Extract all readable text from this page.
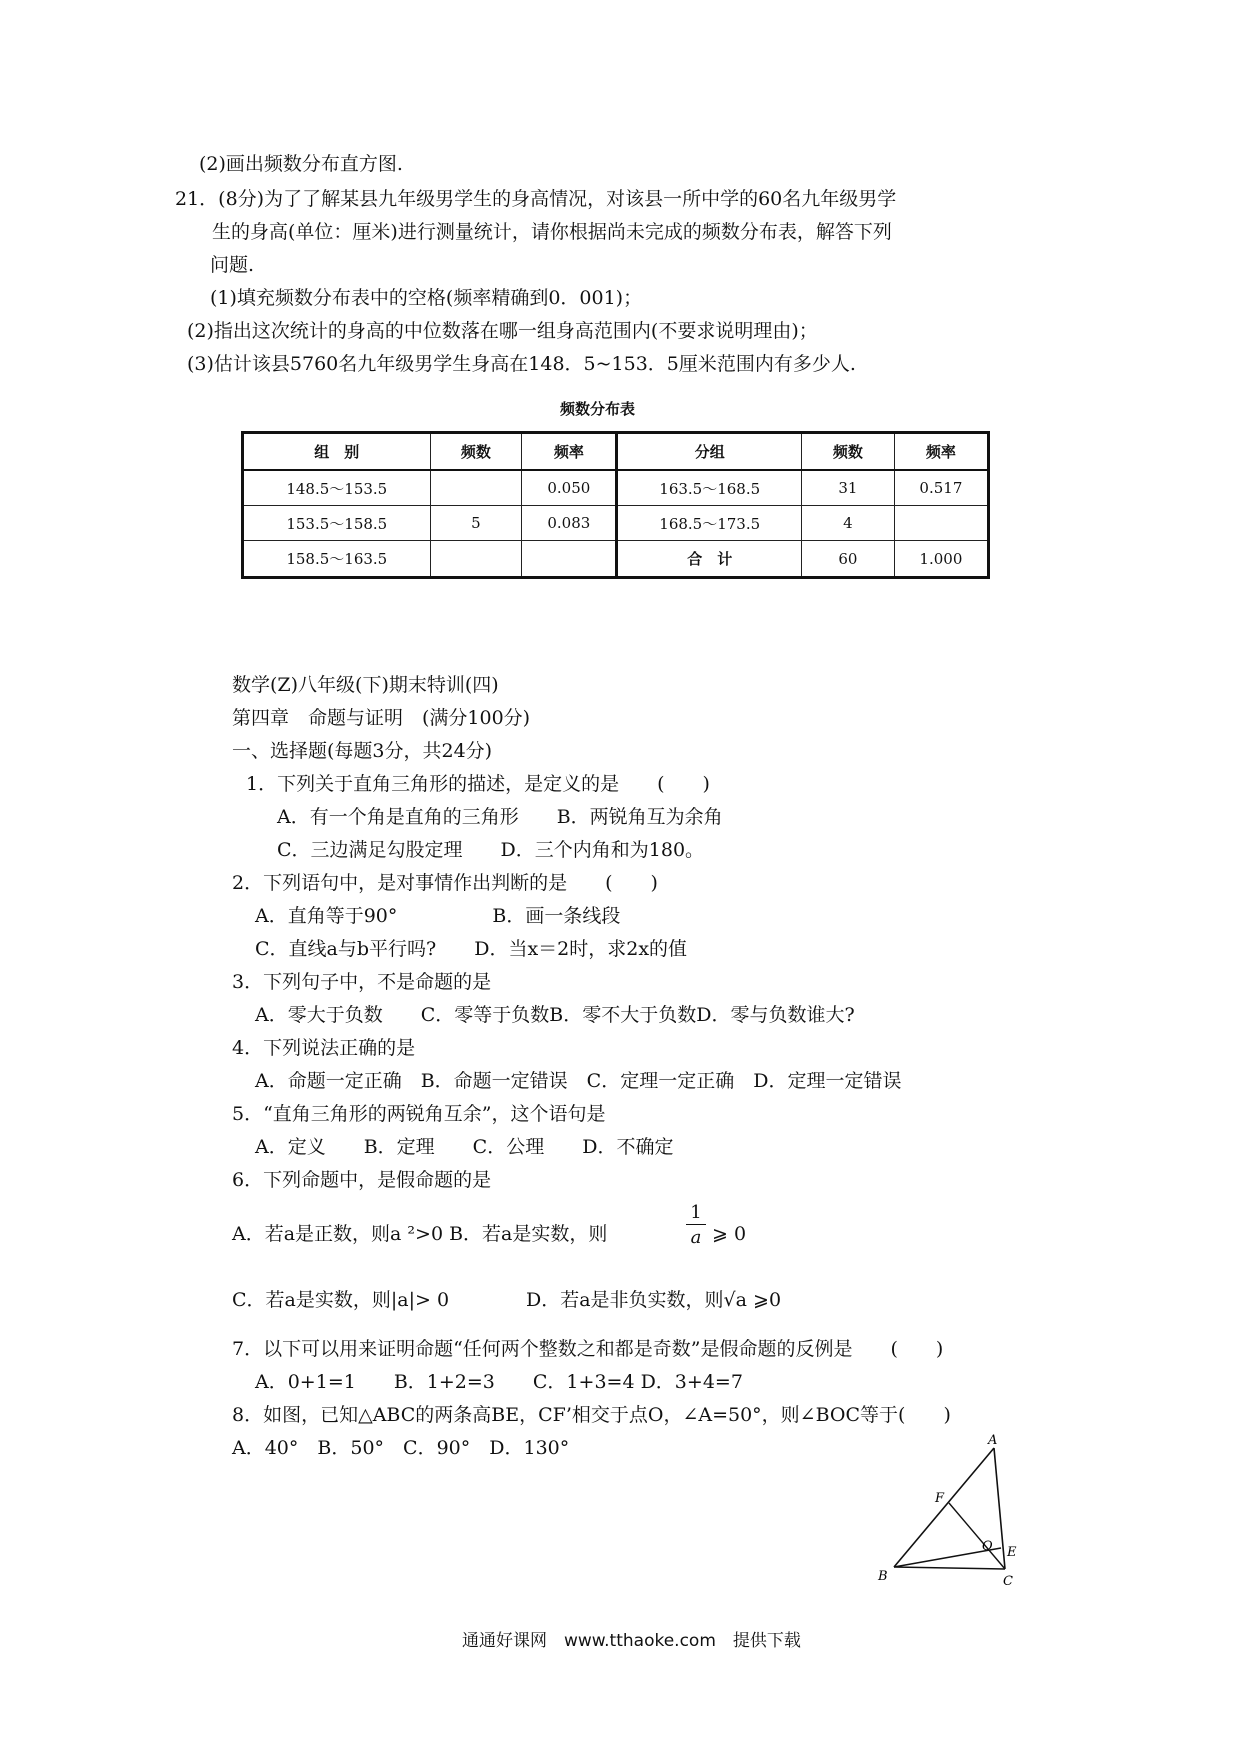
(2)画出频数分布直方图.
21．(8分)为了了解某县九年级男学生的身高情况，对该县一所中学的60名九年级男学
生的身高(单位：厘米)进行测量统计，请你根据尚未完成的频数分布表，解答下列
问题.
(1)填充频数分布表中的空格(频率精确到0．001)；
(2)指出这次统计的身高的中位数落在哪一组身高范围内(不要求说明理由)；
(3)估计该县5760名九年级男学生身高在148．5~153．5厘米范围内有多少人.
频数分布表
组　别	频数	频率	分组	频数	频率
148.5～153.5		0.050	163.5～168.5	31	0.517
153.5～158.5	5	0.083	168.5～173.5	4	
158.5～163.5			合　计	60	1.000
数学(Z)八年级(下)期末特训(四)
第四章　命题与证明　(满分100分)
一、选择题(每题3分，共24分)
1．下列关于直角三角形的描述，是定义的是　　(　　)
A．有一个角是直角的三角形　　B．两锐角互为余角
C．三边满足勾股定理　　D．三个内角和为180。
2．下列语句中，是对事情作出判断的是　　(　　)
A．直角等于90°　　　　　B．画一条线段
C．直线a与b平行吗?　　D．当x＝2时，求2x的值
3．下列句子中，不是命题的是
A．零大于负数　　C．零等于负数B．零不大于负数D．零与负数谁大?
4．下列说法正确的是
A．命题一定正确　B．命题一定错误　C．定理一定正确　D．定理一定错误
5．“直角三角形的两锐角互余”，这个语句是
A．定义　　B．定理　　C．公理　　D．不确定
6．下列命题中，是假命题的是
A．若a是正数，则a ²>0 B．若a是实数，则
1
a ⩾ 0
C．若a是实数，则|a|> 0	D．若a是非负实数，则√a ⩾0
7．以下可以用来证明命题“任何两个整数之和都是奇数”是假命题的反例是　　(　　)
A．0+1=1　　B．1+2=3　　C．1+3=4 D．3+4=7
8．如图，已知△ABC的两条高BE，CF’相交于点O，∠A=50°，则∠BOC等于(　　)
A．40°　B．50°　C．90°　D．130°	A
B	C
E
F
O
通通好课网　www.tthaoke.com　提供下载
